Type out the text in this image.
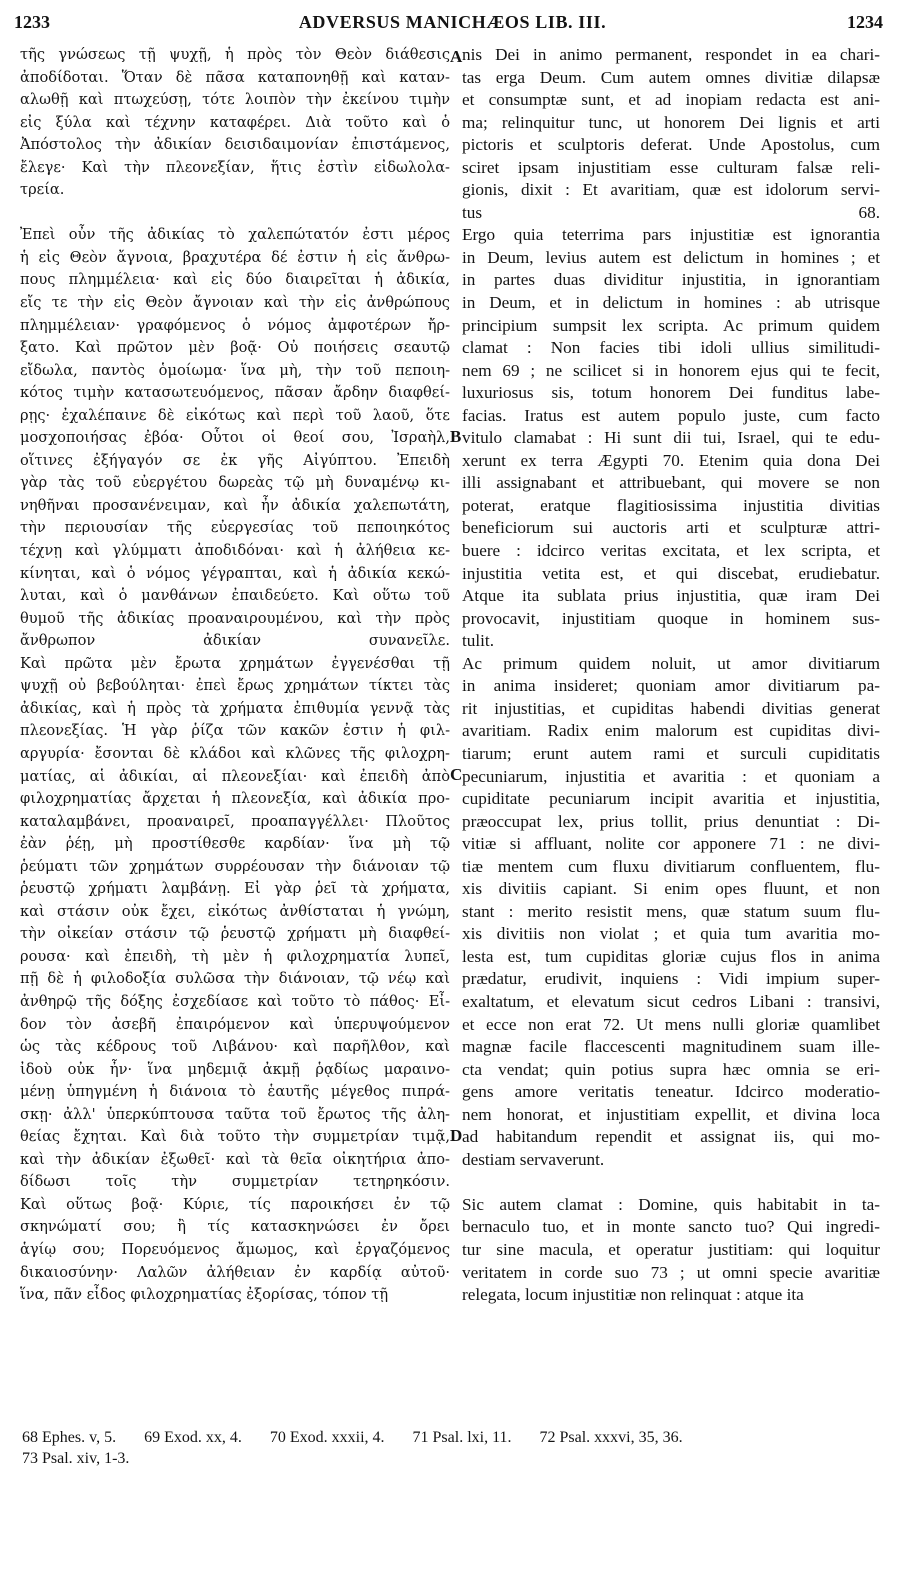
1233	ADVERSUS MANICHÆOS LIB. III.	1234
τῆς γνώσεως τῇ ψυχῇ, ἡ πρὸς τὸν Θεὸν διάθεσις
ἀποδίδοται. Ὅταν δὲ πᾶσα καταπονηθῇ καὶ καταν-
αλωθῇ καὶ πτωχεύσῃ, τότε λοιπὸν τὴν ἐκείνου τιμὴν
εἰς ξύλα καὶ τέχνην καταφέρει. Διὰ τοῦτο καὶ ὁ
Ἀπόστολος τὴν ἀδικίαν δεισιδαιμονίαν ἐπιστάμενος,
ἔλεγε· Καὶ τὴν πλεονεξίαν, ἥτις ἐστὶν εἰδωλολα-
τρεία.
Ἐπεὶ οὖν τῆς ἀδικίας τὸ χαλεπώτατόν ἐστι μέρος
ἡ εἰς Θεὸν ἄγνοια, βραχυτέρα δέ ἐστιν ἡ εἰς ἄνθρω-
πους πλημμέλεια· καὶ εἰς δύο διαιρεῖται ἡ ἀδικία,
εἴς τε τὴν εἰς Θεὸν ἄγνοιαν καὶ τὴν εἰς ἀνθρώπους
πλημμέλειαν· γραφόμενος ὁ νόμος ἀμφοτέρων ἤρ-
ξατο. Καὶ πρῶτον μὲν βοᾷ· Οὐ ποιήσεις σεαυτῷ
εἴδωλα, παντὸς ὁμοίωμα· ἵνα μὴ, τὴν τοῦ πεποιη-
κότος τιμὴν κατασωτευόμενος, πᾶσαν ἄρδην διαφθεί-
ρῃς· ἐχαλέπαινε δὲ εἰκότως καὶ περὶ τοῦ λαοῦ, ὅτε
μοσχοποιήσας ἐβόα· Οὗτοι οἱ θεοί σου, Ἰσραὴλ,
οἵτινες ἐξήγαγόν σε ἐκ γῆς Αἰγύπτου. Ἐπειδὴ
γὰρ τὰς τοῦ εὐεργέτου δωρεὰς τῷ μὴ δυναμένῳ κι-
νηθῆναι προσανένειμαν, καὶ ἦν ἀδικία χαλεπωτάτη,
τὴν περιουσίαν τῆς εὐεργεσίας τοῦ πεποιηκότος
τέχνῃ καὶ γλύμματι ἀποδιδόναι· καὶ ἡ ἀλήθεια κε-
κίνηται, καὶ ὁ νόμος γέγραπται, καὶ ἡ ἀδικία κεκώ-
λυται, καὶ ὁ μανθάνων ἐπαιδεύετο. Καὶ οὕτω τοῦ
θυμοῦ τῆς ἀδικίας προαναιρουμένου, καὶ τὴν πρὸς
ἄνθρωπον ἀδικίαν συνανεῖλε.
Καὶ πρῶτα μὲν ἔρωτα χρημάτων ἐγγενέσθαι τῇ
ψυχῇ οὐ βεβούληται· ἐπεὶ ἔρως χρημάτων τίκτει τὰς
ἀδικίας, καὶ ἡ πρὸς τὰ χρήματα ἐπιθυμία γεννᾷ τὰς
πλεονεξίας. Ἡ γὰρ ῥίζα τῶν κακῶν ἐστιν ἡ φιλ-
αργυρία· ἔσονται δὲ κλάδοι καὶ κλῶνες τῆς φιλοχρη-
ματίας, αἱ ἀδικίαι, αἱ πλεονεξίαι· καὶ ἐπειδὴ ἀπὸ
φιλοχρηματίας ἄρχεται ἡ πλεονεξία, καὶ ἀδικία προ-
καταλαμβάνει, προαναιρεῖ, προαπαγγέλλει· Πλοῦτος
ἐὰν ῥέῃ, μὴ προστίθεσθε καρδίαν· ἵνα μὴ τῷ
ῥεύματι τῶν χρημάτων συρρέουσαν τὴν διάνοιαν τῷ
ῥευστῷ χρήματι λαμβάνῃ. Εἰ γὰρ ῥεῖ τὰ χρήματα,
καὶ στάσιν οὐκ ἔχει, εἰκότως ἀνθίσταται ἡ γνώμη,
τὴν οἰκείαν στάσιν τῷ ῥευστῷ χρήματι μὴ διαφθεί-
ρουσα· καὶ ἐπειδὴ, τὴ μὲν ἡ φιλοχρηματία λυπεῖ,
πῇ δὲ ἡ φιλοδοξία συλῶσα τὴν διάνοιαν, τῷ νέῳ καὶ
ἀνθηρῷ τῆς δόξης ἐσχεδίασε καὶ τοῦτο τὸ πάθος· Εἶ-
δον τὸν ἀσεβῆ ἐπαιρόμενον καὶ ὑπερυψούμενον
ὡς τὰς κέδρους τοῦ Λιβάνου· καὶ παρῆλθον, καὶ
ἰδοὺ οὐκ ἦν· ἵνα μηδεμιᾷ ἀκμῇ ῥᾳδίως μαραινο-
μένῃ ὑπηγμένη ἡ διάνοια τὸ ἑαυτῆς μέγεθος πιπρά-
σκῃ· ἀλλ' ὑπερκύπτουσα ταῦτα τοῦ ἔρωτος τῆς ἀλη-
θείας ἔχηται. Καὶ διὰ τοῦτο τὴν συμμετρίαν τιμᾷ,
καὶ τὴν ἀδικίαν ἐξωθεῖ· καὶ τὰ θεῖα οἰκητήρια ἀπο-
δίδωσι τοῖς τὴν συμμετρίαν τετηρηκόσιν.
Καὶ οὕτως βοᾷ· Κύριε, τίς παροικήσει ἐν τῷ
σκηνώματί σου; ἢ τίς κατασκηνώσει ἐν ὄρει
ἁγίῳ σου; Πορευόμενος ἄμωμος, καὶ ἐργαζόμενος
δικαιοσύνην· Λαλῶν ἀλήθειαν ἐν καρδίᾳ αὐτοῦ·
ἵνα, πᾶν εἶδος φιλοχρηματίας ἐξορίσας, τόπον τῇ
nis Dei in animo permanent, respondet in ea chari-
tas erga Deum. Cum autem omnes divitiæ dilapsæ
et consumptæ sunt, et ad inopiam redacta est ani-
ma; relinquitur tunc, ut honorem Dei lignis et arti
pictoris et sculptoris deferat. Unde Apostolus, cum
sciret ipsam injustitiam esse culturam falsæ reli-
gionis, dixit : Et avaritiam, quæ est idolorum servi-
tus 68.
Ergo quia teterrima pars injustitiæ est ignorantia
in Deum, levius autem est delictum in homines ; et
in partes duas dividitur injustitia, in ignorantiam
in Deum, et in delictum in homines : ab utrisque
principium sumpsit lex scripta. Ac primum quidem
clamat : Non facies tibi idoli ullius similitudi-
nem 69 ; ne scilicet si in honorem ejus qui te fecit,
luxuriosus sis, totum honorem Dei funditus labe-
facias. Iratus est autem populo juste, cum facto
vitulo clamabat : Hi sunt dii tui, Israel, qui te edu-
xerunt ex terra Ægypti 70. Etenim quia dona Dei
illi assignabant et attribuebant, qui movere se non
poterat, eratque flagitiosissima injustitia divitias
beneficiorum sui auctoris arti et sculpturæ attri-
buere : idcirco veritas excitata, et lex scripta, et
injustitia vetita est, et qui discebat, erudiebatur.
Atque ita sublata prius injustitia, quæ iram Dei
provocavit, injustitiam quoque in hominem sus-
tulit.
Ac primum quidem noluit, ut amor divitiarum
in anima insideret; quoniam amor divitiarum pa-
rit injustitias, et cupiditas habendi divitias generat
avaritiam. Radix enim malorum est cupiditas divi-
tiarum; erunt autem rami et surculi cupiditatis
pecuniarum, injustitia et avaritia : et quoniam a
cupiditate pecuniarum incipit avaritia et injustitia,
præoccupat lex, prius tollit, prius denuntiat : Di-
vitiæ si affluant, nolite cor apponere 71 : ne divi-
tiæ mentem cum fluxu divitiarum confluentem, flu-
xis divitiis capiant. Si enim opes fluunt, et non
stant : merito resistit mens, quæ statum suum flu-
xis divitiis non violat ; et quia tum avaritia mo-
lesta est, tum cupiditas gloriæ cujus flos in anima
prædatur, erudivit, inquiens : Vidi impium super-
exaltatum, et elevatum sicut cedros Libani : transivi,
et ecce non erat 72. Ut mens nulli gloriæ quamlibet
magnæ facile flaccescenti magnitudinem suam ille-
cta vendat; quin potius supra hæc omnia se eri-
gens amore veritatis teneatur. Idcirco moderatio-
nem honorat, et injustitiam expellit, et divina loca
ad habitandum rependit et assignat iis, qui mo-
destiam servaverunt.
Sic autem clamat : Domine, quis habitabit in ta-
bernaculo tuo, et in monte sancto tuo? Qui ingredi-
tur sine macula, et operatur justitiam: qui loquitur
veritatem in corde suo 73 ; ut omni specie avaritiæ
relegata, locum injustitiæ non relinquat : atque ita
A
B
C
D
68 Ephes. v, 5. 69 Exod. xx, 4. 70 Exod. xxxii, 4. 71 Psal. lxi, 11. 72 Psal. xxxvi, 35, 36.
73 Psal. xiv, 1-3.
